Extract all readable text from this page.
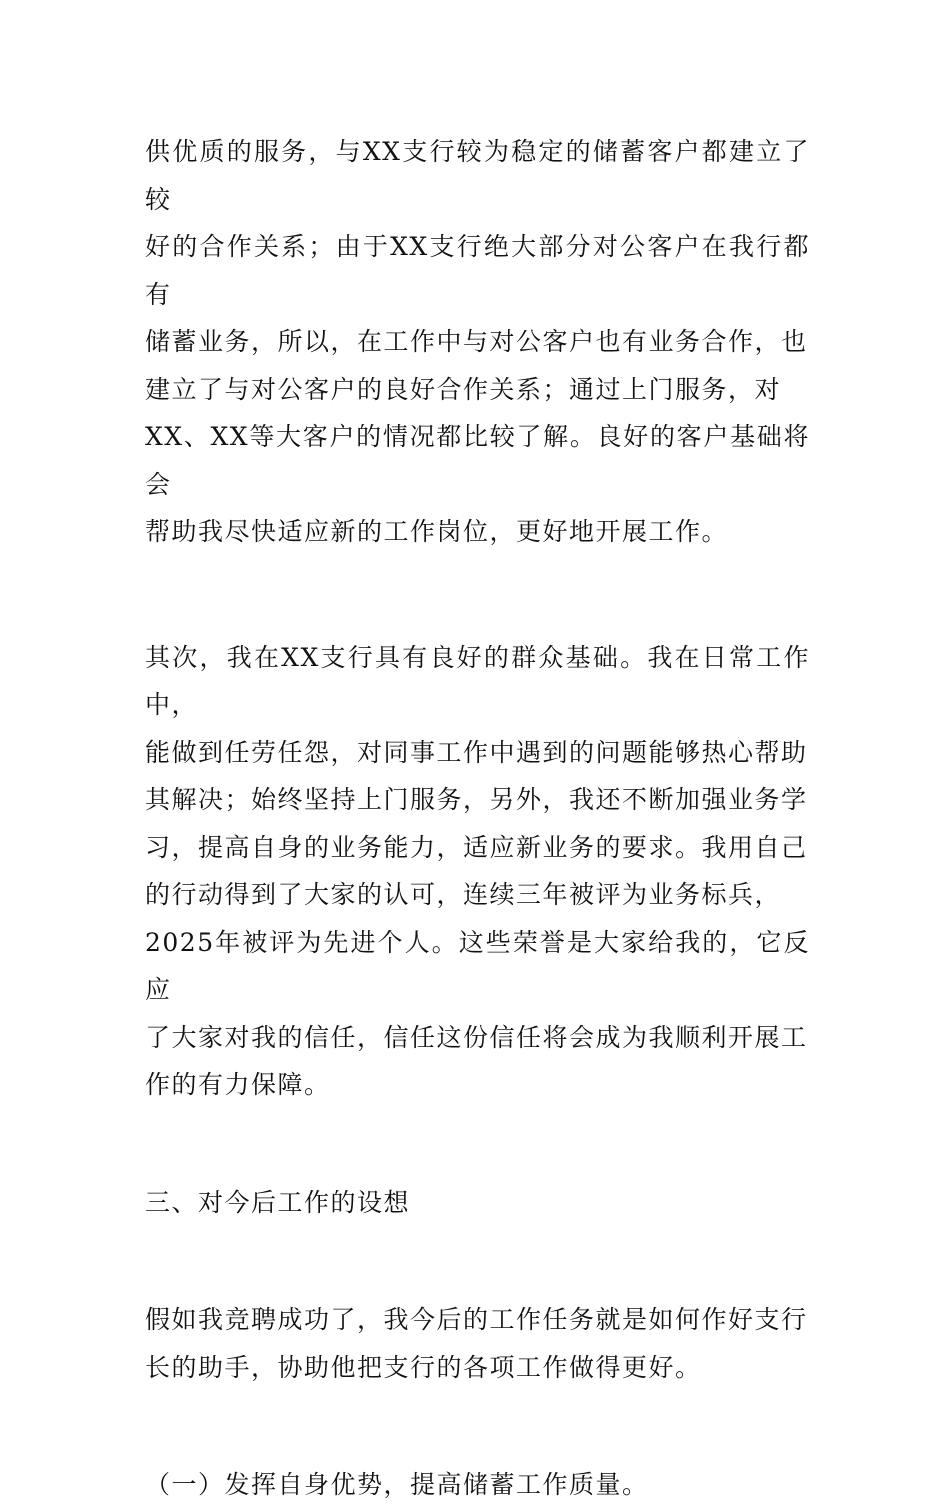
供优质的服务，与XX支行较为稳定的储蓄客户都建立了较
好的合作关系；由于XX支行绝大部分对公客户在我行都有
储蓄业务，所以，在工作中与对公客户也有业务合作，也
建立了与对公客户的良好合作关系；通过上门服务，对
XX、XX等大客户的情况都比较了解。良好的客户基础将会
帮助我尽快适应新的工作岗位，更好地开展工作。

其次，我在XX支行具有良好的群众基础。我在日常工作中，
能做到任劳任怨，对同事工作中遇到的问题能够热心帮助
其解决；始终坚持上门服务，另外，我还不断加强业务学
习，提高自身的业务能力，适应新业务的要求。我用自己
的行动得到了大家的认可，连续三年被评为业务标兵，
2025年被评为先进个人。这些荣誉是大家给我的，它反应
了大家对我的信任，信任这份信任将会成为我顺利开展工
作的有力保障。

三、对今后工作的设想

假如我竞聘成功了，我今后的工作任务就是如何作好支行
长的助手，协助他把支行的各项工作做得更好。

（一）发挥自身优势，提高储蓄工作质量。
